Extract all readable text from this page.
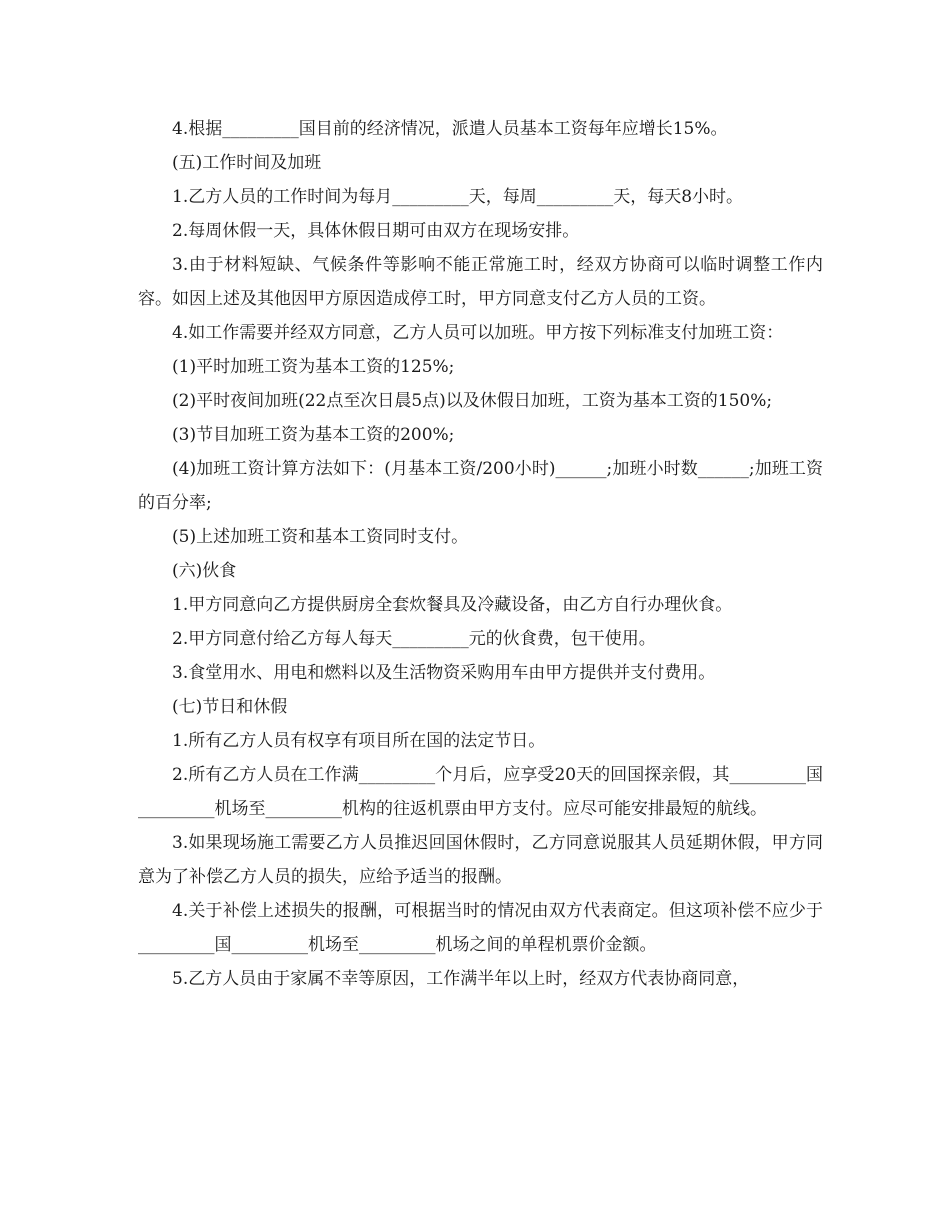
4.根据_________国目前的经济情况，派遣人员基本工资每年应增长15%。

(五)工作时间及加班

1.乙方人员的工作时间为每月_________天，每周_________天，每天8小时。

2.每周休假一天，具体休假日期可由双方在现场安排。

3.由于材料短缺、气候条件等影响不能正常施工时，经双方协商可以临时调整工作内容。如因上述及其他因甲方原因造成停工时，甲方同意支付乙方人员的工资。

4.如工作需要并经双方同意，乙方人员可以加班。甲方按下列标准支付加班工资：

(1)平时加班工资为基本工资的125%;

(2)平时夜间加班(22点至次日晨5点)以及休假日加班，工资为基本工资的150%;

(3)节目加班工资为基本工资的200%;

(4)加班工资计算方法如下：(月基本工资/200小时)______;加班小时数______;加班工资的百分率;

(5)上述加班工资和基本工资同时支付。

(六)伙食

1.甲方同意向乙方提供厨房全套炊餐具及冷藏设备，由乙方自行办理伙食。

2.甲方同意付给乙方每人每天_________元的伙食费，包干使用。

3.食堂用水、用电和燃料以及生活物资采购用车由甲方提供并支付费用。

(七)节日和休假

1.所有乙方人员有权享有项目所在国的法定节日。

2.所有乙方人员在工作满_________个月后，应享受20天的回国探亲假，其_________国_________机场至_________机构的往返机票由甲方支付。应尽可能安排最短的航线。

3.如果现场施工需要乙方人员推迟回国休假时，乙方同意说服其人员延期休假，甲方同意为了补偿乙方人员的损失，应给予适当的报酬。

4.关于补偿上述损失的报酬，可根据当时的情况由双方代表商定。但这项补偿不应少于_________国_________机场至_________机场之间的单程机票价金额。

5.乙方人员由于家属不幸等原因，工作满半年以上时，经双方代表协商同意，
